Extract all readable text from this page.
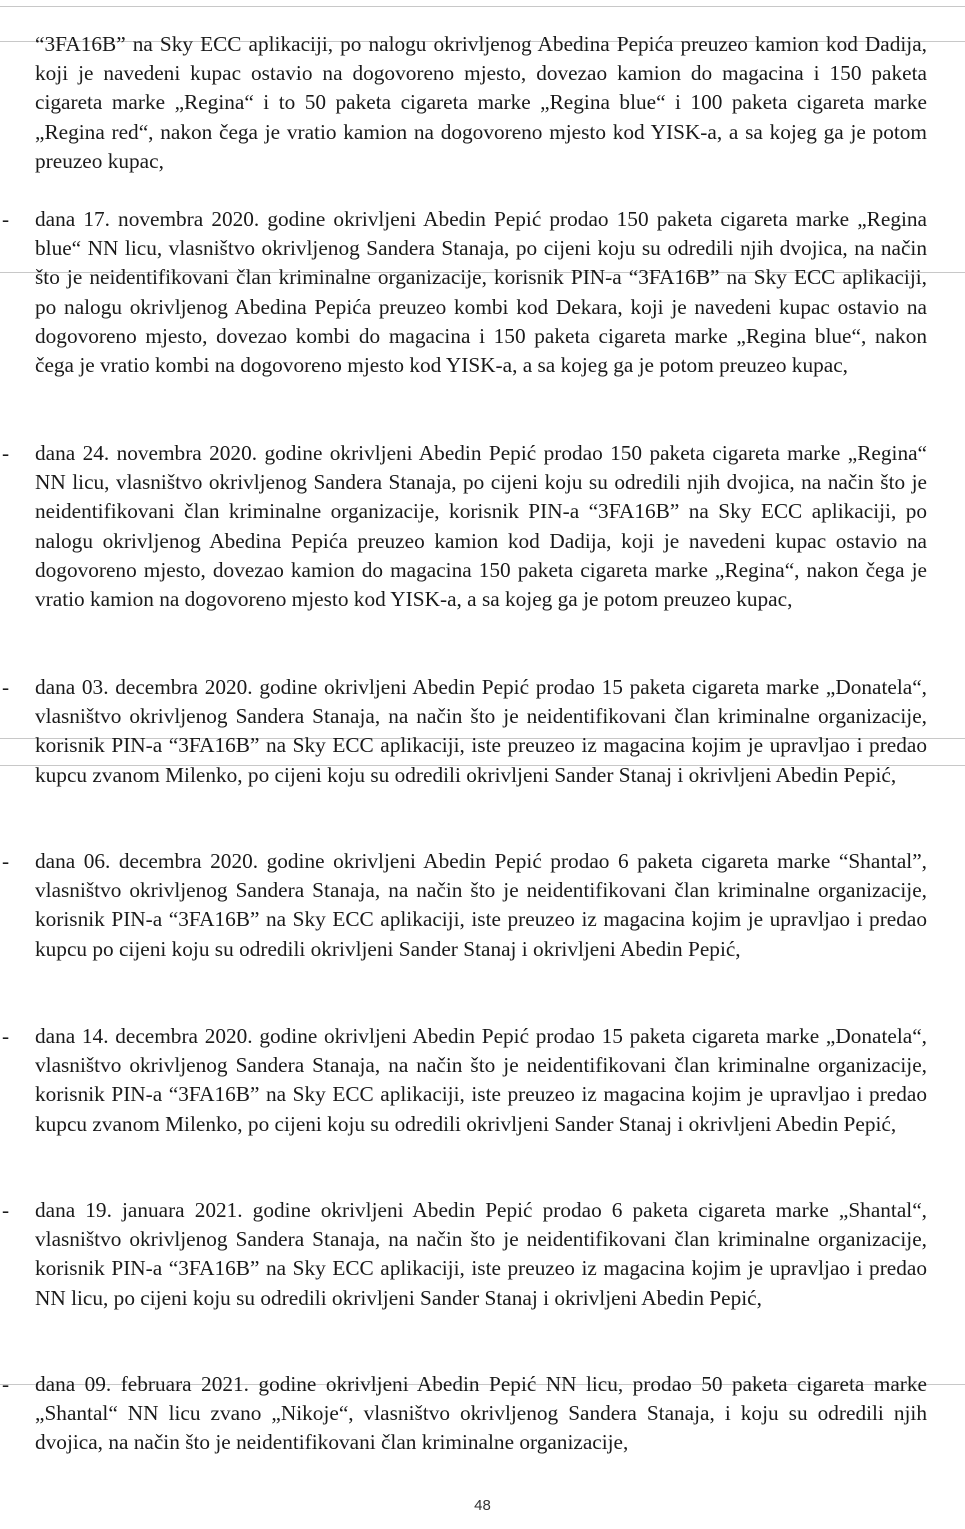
“3FA16B” na Sky ECC aplikaciji, po nalogu okrivljenog Abedina Pepića preuzeo kamion kod Dadija, koji je navedeni kupac ostavio na dogovoreno mjesto, dovezao kamion do magacina i 150 paketa cigareta marke „Regina“ i to 50 paketa cigareta marke „Regina blue“ i 100 paketa cigareta marke „Regina red“, nakon čega je vratio kamion na dogovoreno mjesto kod YISK-a, a sa kojeg ga je potom preuzeo kupac,

-	dana 17. novembra 2020. godine okrivljeni Abedin Pepić prodao 150 paketa cigareta marke „Regina blue“ NN licu, vlasništvo okrivljenog Sandera Stanaja, po cijeni koju su odredili njih dvojica, na način što je neidentifikovani član kriminalne organizacije, korisnik PIN-a “3FA16B” na Sky ECC aplikaciji, po nalogu okrivljenog Abedina Pepića preuzeo kombi kod Dekara, koji je navedeni kupac ostavio na dogovoreno mjesto, dovezao kombi do magacina i 150 paketa cigareta marke „Regina blue“, nakon čega je vratio kombi na dogovoreno mjesto kod YISK-a, a sa kojeg ga je potom preuzeo kupac,
-	dana 24. novembra 2020. godine okrivljeni Abedin Pepić prodao 150 paketa cigareta marke „Regina“ NN licu, vlasništvo okrivljenog Sandera Stanaja, po cijeni koju su odredili njih dvojica, na način što je neidentifikovani član kriminalne organizacije, korisnik PIN-a “3FA16B” na Sky ECC aplikaciji, po nalogu okrivljenog Abedina Pepića preuzeo kamion kod Dadija, koji je navedeni kupac ostavio na dogovoreno mjesto, dovezao kamion do magacina 150 paketa cigareta marke „Regina“, nakon čega je vratio kamion na dogovoreno mjesto kod YISK-a, a sa kojeg ga je potom preuzeo kupac,
-	dana 03. decembra 2020. godine okrivljeni Abedin Pepić prodao 15 paketa cigareta marke „Donatela“, vlasništvo okrivljenog Sandera Stanaja, na način što je neidentifikovani član kriminalne organizacije, korisnik PIN-a “3FA16B” na Sky ECC aplikaciji, iste preuzeo iz magacina kojim je upravljao i predao kupcu zvanom Milenko, po cijeni koju su odredili okrivljeni Sander Stanaj i okrivljeni Abedin Pepić,
-	dana 06. decembra 2020. godine okrivljeni Abedin Pepić prodao 6 paketa cigareta marke “Shantal”, vlasništvo okrivljenog Sandera Stanaja, na način što je neidentifikovani član kriminalne organizacije, korisnik PIN-a “3FA16B” na Sky ECC aplikaciji, iste preuzeo iz magacina kojim je upravljao i predao kupcu po cijeni koju su odredili okrivljeni Sander Stanaj i okrivljeni Abedin Pepić,
-	dana 14. decembra 2020. godine okrivljeni Abedin Pepić prodao 15 paketa cigareta marke „Donatela“, vlasništvo okrivljenog Sandera Stanaja, na način što je neidentifikovani član kriminalne organizacije, korisnik PIN-a “3FA16B” na Sky ECC aplikaciji, iste preuzeo iz magacina kojim je upravljao i predao kupcu zvanom Milenko, po cijeni koju su odredili okrivljeni Sander Stanaj i okrivljeni Abedin Pepić,
-	dana 19. januara 2021. godine okrivljeni Abedin Pepić prodao 6 paketa cigareta marke „Shantal“, vlasništvo okrivljenog Sandera Stanaja, na način što je neidentifikovani član kriminalne organizacije, korisnik PIN-a “3FA16B” na Sky ECC aplikaciji, iste preuzeo iz magacina kojim je upravljao i predao NN licu, po cijeni koju su odredili okrivljeni Sander Stanaj i okrivljeni Abedin Pepić,
-	dana 09. februara 2021. godine okrivljeni Abedin Pepić NN licu, prodao 50 paketa cigareta marke „Shantal“ NN licu zvano „Nikoje“, vlasništvo okrivljenog Sandera Stanaja, i koju su odredili njih dvojica, na način što je neidentifikovani član kriminalne organizacije,
48
